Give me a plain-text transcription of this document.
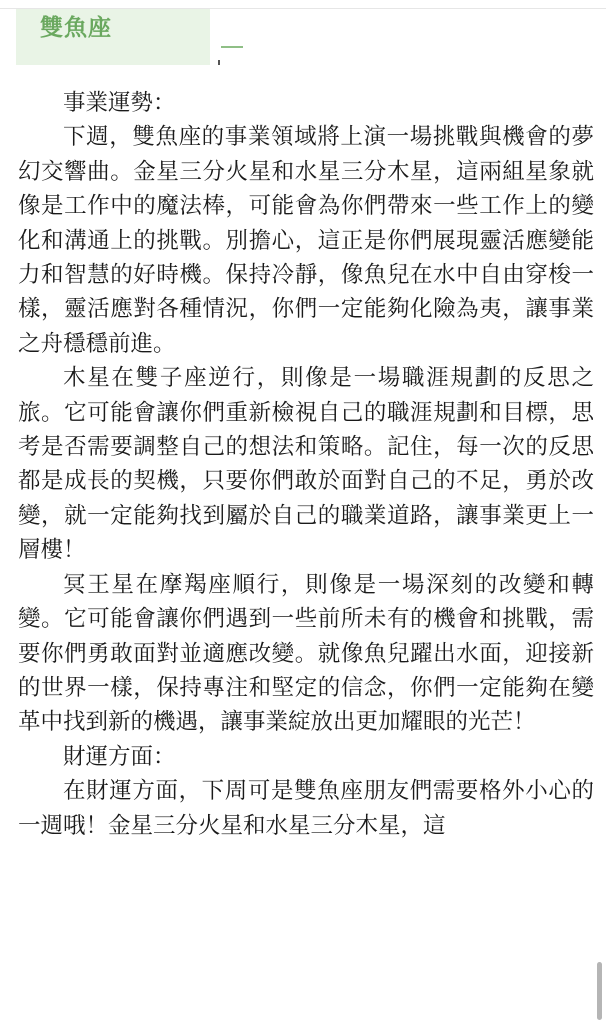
雙魚座

事業運勢：

下週，雙魚座的事業領域將上演一場挑戰與機會的夢幻交響曲。金星三分火星和水星三分木星，這兩組星象就像是工作中的魔法棒，可能會為你們帶來一些工作上的變化和溝通上的挑戰。別擔心，這正是你們展現靈活應變能力和智慧的好時機。保持冷靜，像魚兒在水中自由穿梭一樣，靈活應對各種情況，你們一定能夠化險為夷，讓事業之舟穩穩前進。

木星在雙子座逆行，則像是一場職涯規劃的反思之旅。它可能會讓你們重新檢視自己的職涯規劃和目標，思考是否需要調整自己的想法和策略。記住，每一次的反思都是成長的契機，只要你們敢於面對自己的不足，勇於改變，就一定能夠找到屬於自己的職業道路，讓事業更上一層樓！

冥王星在摩羯座順行，則像是一場深刻的改變和轉變。它可能會讓你們遇到一些前所未有的機會和挑戰，需要你們勇敢面對並適應改變。就像魚兒躍出水面，迎接新的世界一樣，保持專注和堅定的信念，你們一定能夠在變革中找到新的機遇，讓事業綻放出更加耀眼的光芒！

財運方面：

在財運方面，下周可是雙魚座朋友們需要格外小心的一週哦！金星三分火星和水星三分木星，這
